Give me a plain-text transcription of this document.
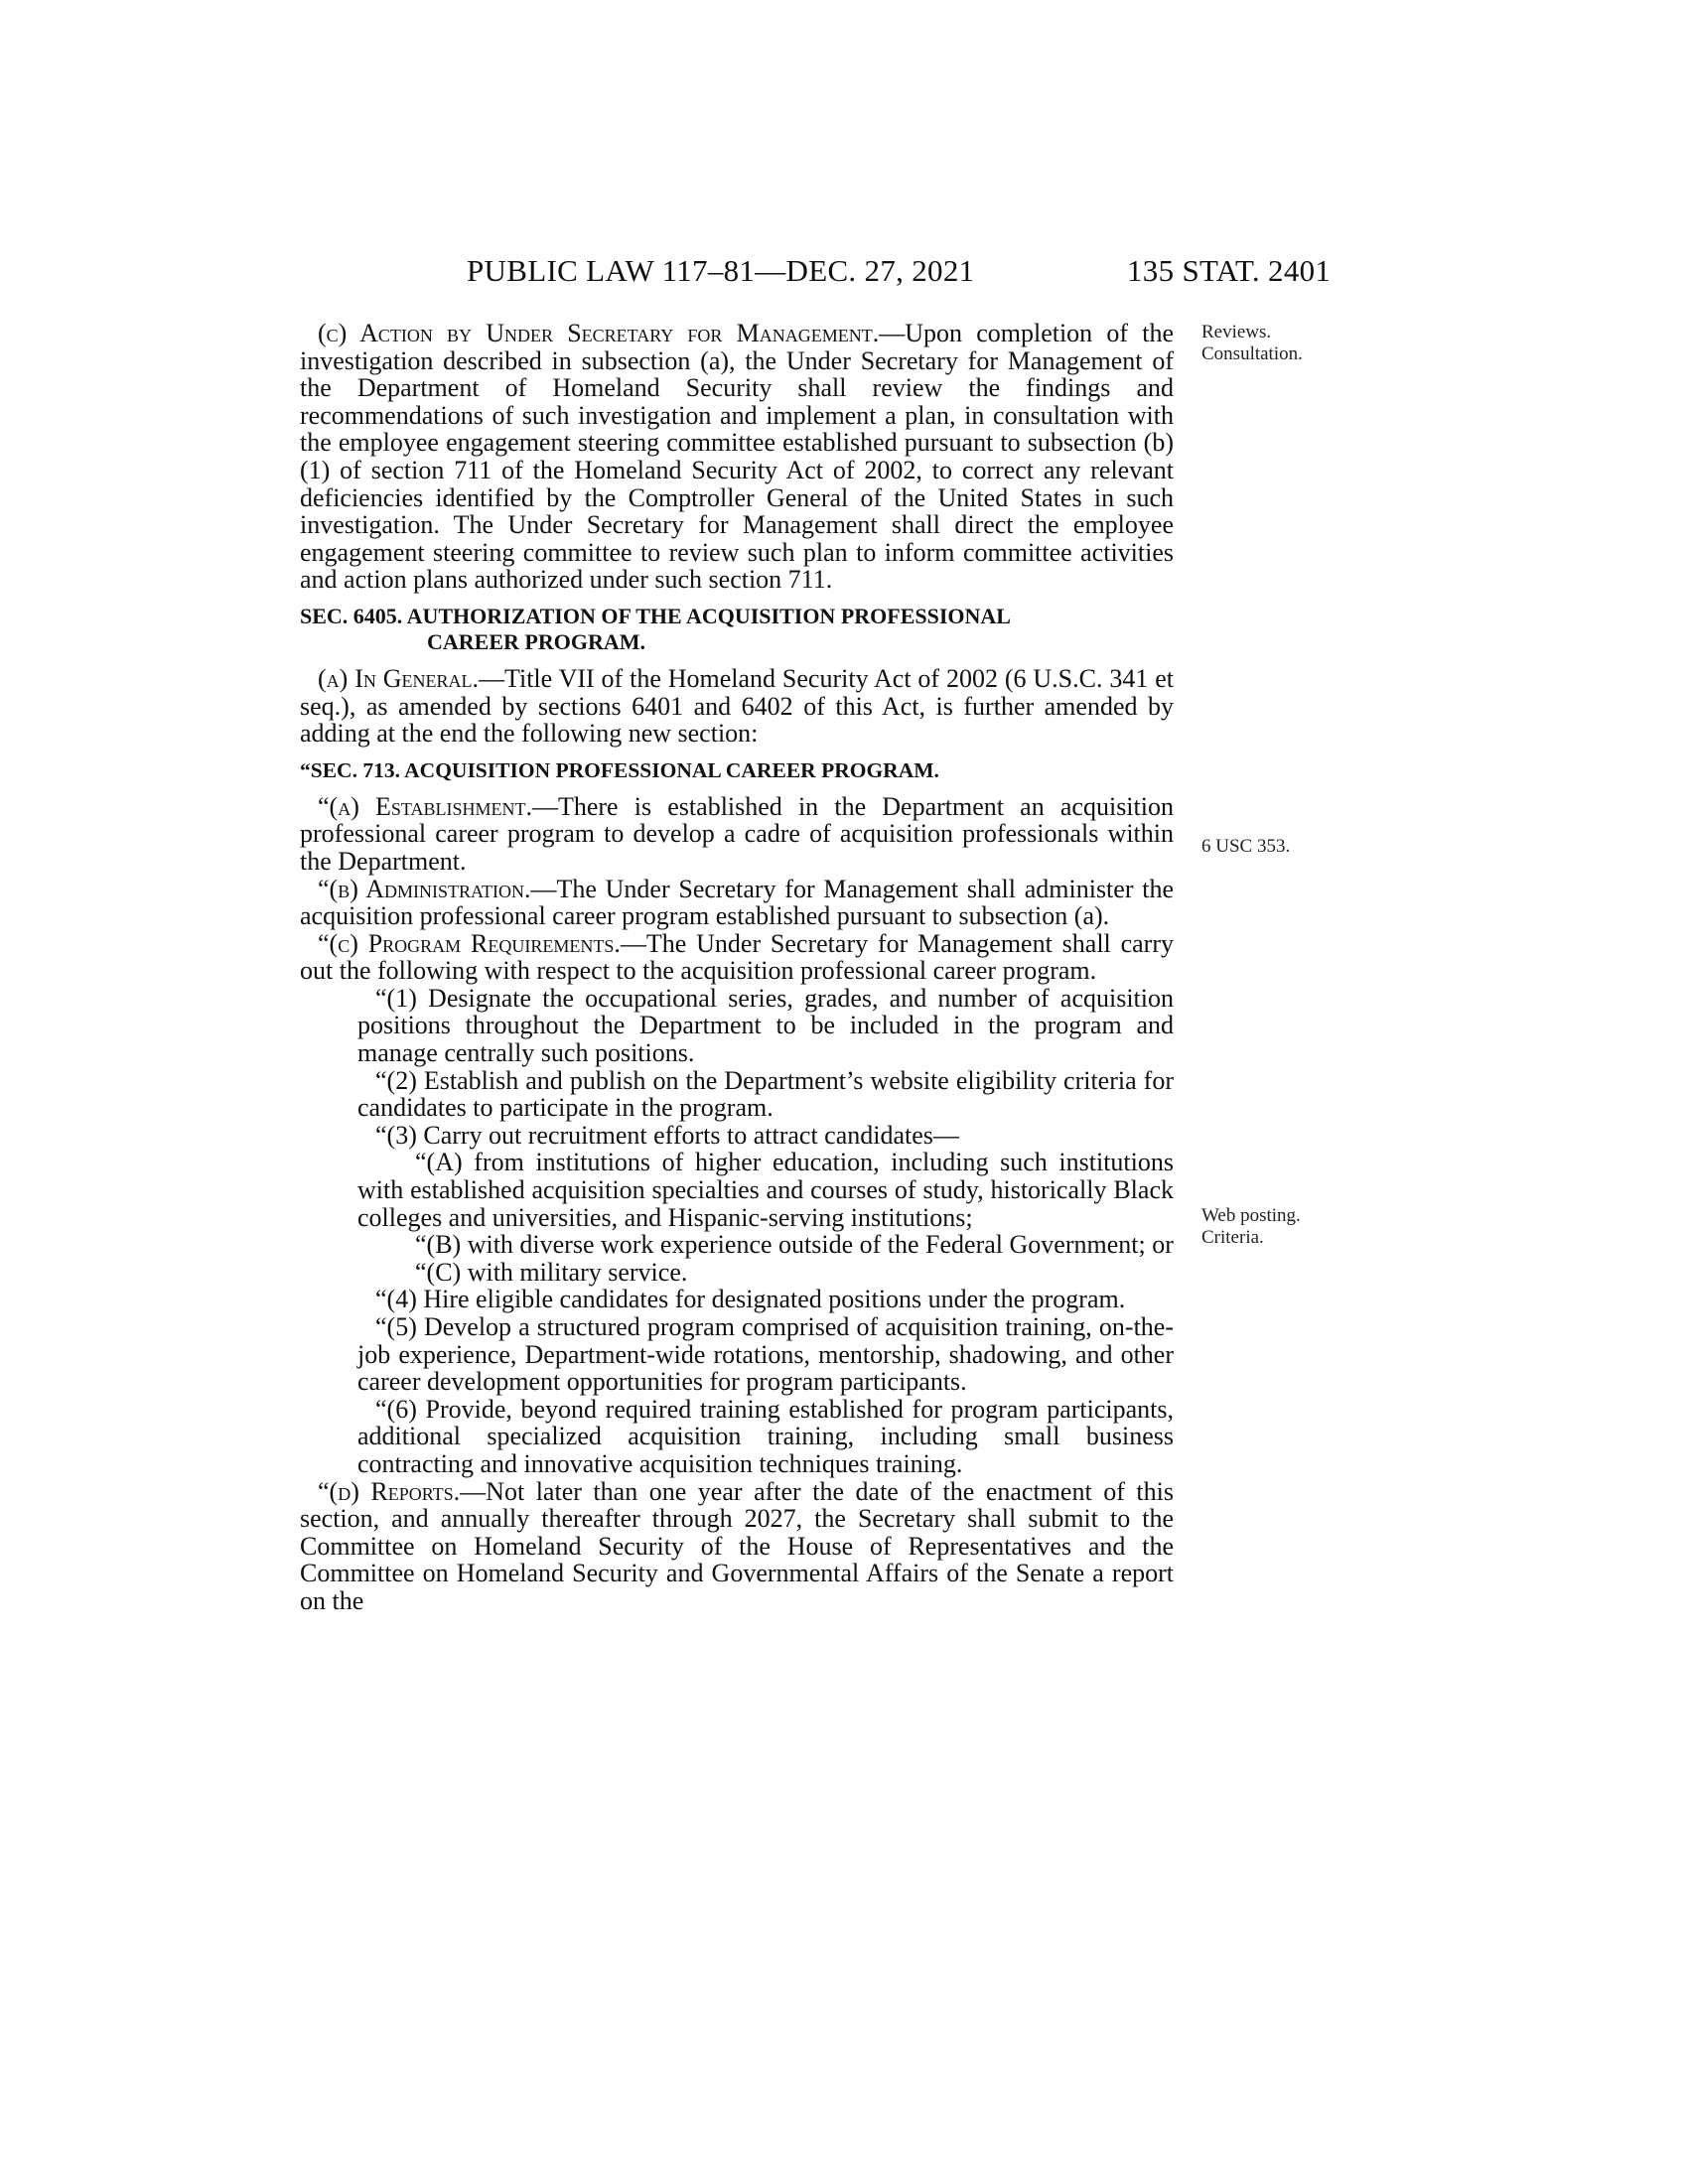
PUBLIC LAW 117–81—DEC. 27, 2021	135 STAT. 2401
Reviews.
Consultation.
6 USC 353.
Web posting.
Criteria.

(c) Action by Under Secretary for Management.—Upon completion of the investigation described in subsection (a), the Under Secretary for Management of the Department of Homeland Security shall review the findings and recommendations of such investigation and implement a plan, in consultation with the employee engagement steering committee established pursuant to subsection (b)(1) of section 711 of the Homeland Security Act of 2002, to correct any relevant deficiencies identified by the Comptroller General of the United States in such investigation. The Under Secretary for Management shall direct the employee engagement steering committee to review such plan to inform committee activities and action plans authorized under such section 711.

SEC. 6405. AUTHORIZATION OF THE ACQUISITION PROFESSIONAL
CAREER PROGRAM.

(a) In General.—Title VII of the Homeland Security Act of 2002 (6 U.S.C. 341 et seq.), as amended by sections 6401 and 6402 of this Act, is further amended by adding at the end the following new section:

“SEC. 713. ACQUISITION PROFESSIONAL CAREER PROGRAM.

“(a) Establishment.—There is established in the Department an acquisition professional career program to develop a cadre of acquisition professionals within the Department.

“(b) Administration.—The Under Secretary for Management shall administer the acquisition professional career program established pursuant to subsection (a).

“(c) Program Requirements.—The Under Secretary for Management shall carry out the following with respect to the acquisition professional career program.

“(1) Designate the occupational series, grades, and number of acquisition positions throughout the Department to be included in the program and manage centrally such positions.

“(2) Establish and publish on the Department’s website eligibility criteria for candidates to participate in the program.

“(3) Carry out recruitment efforts to attract candidates—

“(A) from institutions of higher education, including such institutions with established acquisition specialties and courses of study, historically Black colleges and universities, and Hispanic-serving institutions;

“(B) with diverse work experience outside of the Federal Government; or

“(C) with military service.

“(4) Hire eligible candidates for designated positions under the program.

“(5) Develop a structured program comprised of acquisition training, on-the-job experience, Department-wide rotations, mentorship, shadowing, and other career development opportunities for program participants.

“(6) Provide, beyond required training established for program participants, additional specialized acquisition training, including small business contracting and innovative acquisition techniques training.

“(d) Reports.—Not later than one year after the date of the enactment of this section, and annually thereafter through 2027, the Secretary shall submit to the Committee on Homeland Security of the House of Representatives and the Committee on Homeland Security and Governmental Affairs of the Senate a report on the
